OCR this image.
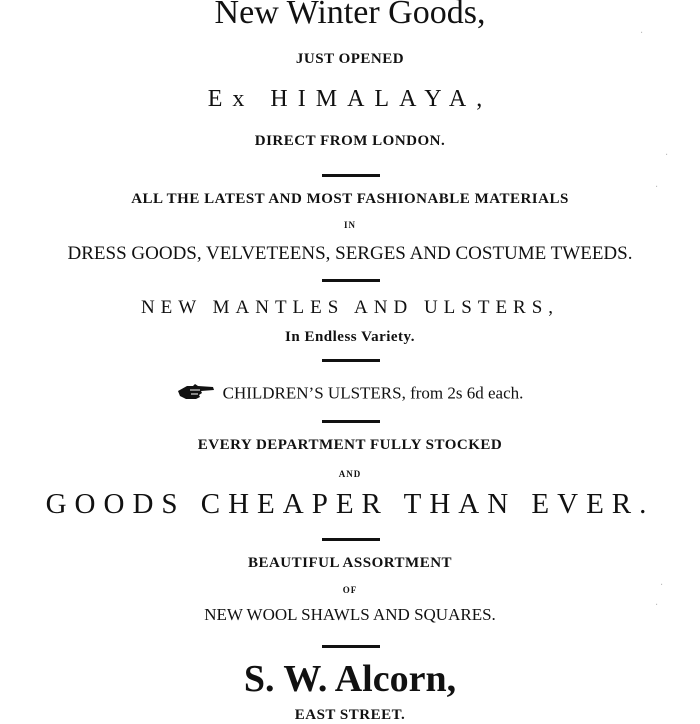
New Winter Goods,
JUST OPENED
Ex HIMALAYA,
DIRECT FROM LONDON.
ALL THE LATEST AND MOST FASHIONABLE MATERIALS
IN
DRESS GOODS, VELVETEENS, SERGES AND COSTUME TWEEDS.
NEW MANTLES AND ULSTERS,
In Endless Variety.
CHILDREN’S ULSTERS, from 2s 6d each.
EVERY DEPARTMENT FULLY STOCKED
AND
GOODS CHEAPER THAN EVER.
BEAUTIFUL ASSORTMENT
OF
NEW WOOL SHAWLS AND SQUARES.
S. W. Alcorn,
EAST STREET.
·
·
·
·
·
